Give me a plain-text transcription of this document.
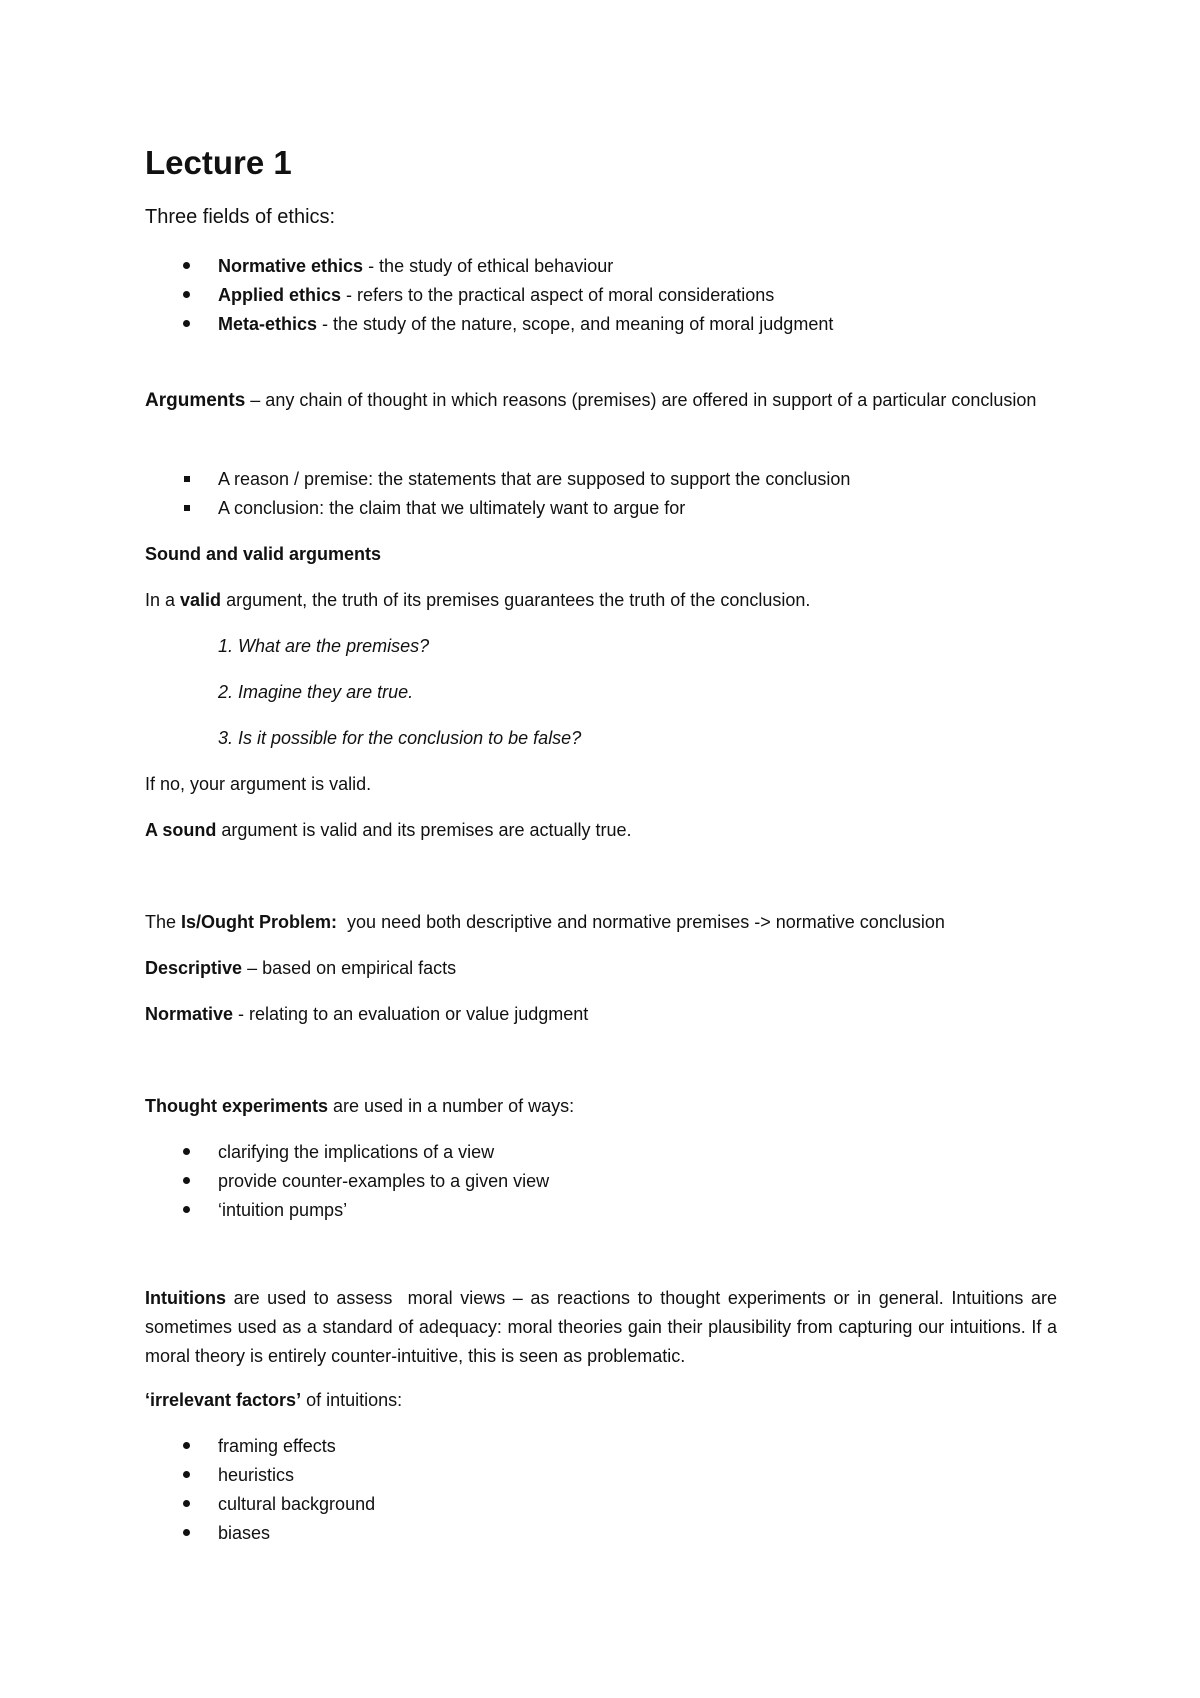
Lecture 1
Three fields of ethics:
Normative ethics - the study of ethical behaviour
Applied ethics - refers to the practical aspect of moral considerations
Meta-ethics - the study of the nature, scope, and meaning of moral judgment
Arguments – any chain of thought in which reasons (premises) are offered in support of a particular conclusion
A reason / premise: the statements that are supposed to support the conclusion
A conclusion: the claim that we ultimately want to argue for
Sound and valid arguments
In a valid argument, the truth of its premises guarantees the truth of the conclusion.
1. What are the premises?
2. Imagine they are true.
3. Is it possible for the conclusion to be false?
If no, your argument is valid.
A sound argument is valid and its premises are actually true.
The Is/Ought Problem:  you need both descriptive and normative premises -> normative conclusion
Descriptive – based on empirical facts
Normative - relating to an evaluation or value judgment
Thought experiments are used in a number of ways:
clarifying the implications of a view
provide counter-examples to a given view
‘intuition pumps’
Intuitions are used to assess  moral views – as reactions to thought experiments or in general. Intuitions are sometimes used as a standard of adequacy: moral theories gain their plausibility from capturing our intuitions. If a moral theory is entirely counter-intuitive, this is seen as problematic.
‘irrelevant factors’ of intuitions:
framing effects
heuristics
cultural background
biases
